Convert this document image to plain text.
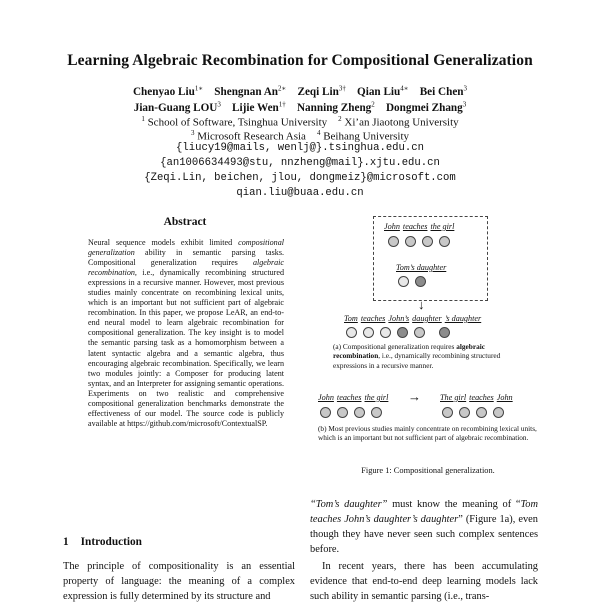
Learning Algebraic Recombination for Compositional Generalization
Chenyao Liu$^{1∗}$ Shengnan $An^{2∗}$ Zeqi Lin$^{3\dagger}$ Qian Liu$^{4∗}$ Bei Chen$^3$
Jian-Guang LOU$^3$ Lijie Wen$^{1\dagger}$ Nanning Zheng$^2$ Dongmei Zhang$^3$
$^1$ School of Software, Tsinghua University $^2$ Xi’an Jiaotong University
$^3$ Microsoft Research Asia $^4$ Beihang University
{liucy19@mails, wenlj@}.tsinghua.edu.cn
{an1006634493@stu, nnzheng@mail}.xjtu.edu.cn
{Zeqi.Lin, beichen, jlou, dongmeiz}@microsoft.com
qian.liu@buaa.edu.cn
Abstract
Neural sequence models exhibit limited compositional generalization ability in semantic parsing tasks. Compositional generalization requires algebraic recombination, i.e., dynamically recombining structured expressions in a recursive manner. However, most previous studies mainly concentrate on recombining lexical units, which is an important but not sufficient part of algebraic recombination. In this paper, we propose LeAR, an end-to-end neural model to learn algebraic recombination for compositional generalization. The key insight is to model the semantic parsing task as a homomorphism between a latent syntactic algebra and a semantic algebra, thus encouraging algebraic recombination. Specifically, we learn two modules jointly: a Composer for producing latent syntax, and an Interpreter for assigning semantic operations. Experiments on two realistic and comprehensive compositional generalization benchmarks demonstrate the effectiveness of our model. The source code is publicly available at https://github.com/microsoft/ContextualSP.
1 Introduction
The principle of compositionality is an essential property of language: the meaning of a complex expression is fully determined by its structure and
John teaches the girl
Tom’s daughter
↓
Tom teaches John’s daughter ’s daughter
(a) Compositional generalization requires algebraic recombination, i.e., dynamically recombining structured expressions in a recursive manner.
John teaches the girl → The girl teaches John
(b) Most previous studies mainly concentrate on recombining lexical units, which is an important but not sufficient part of algebraic recombination.
Figure 1: Compositional generalization.

“Tom’s daughter” must know the meaning of “Tom teaches John’s daughter’s daughter” (Figure 1a), even though they have never seen such complex sentences before.

In recent years, there has been accumulating evidence that end-to-end deep learning models lack such ability in semantic parsing (i.e., trans-
